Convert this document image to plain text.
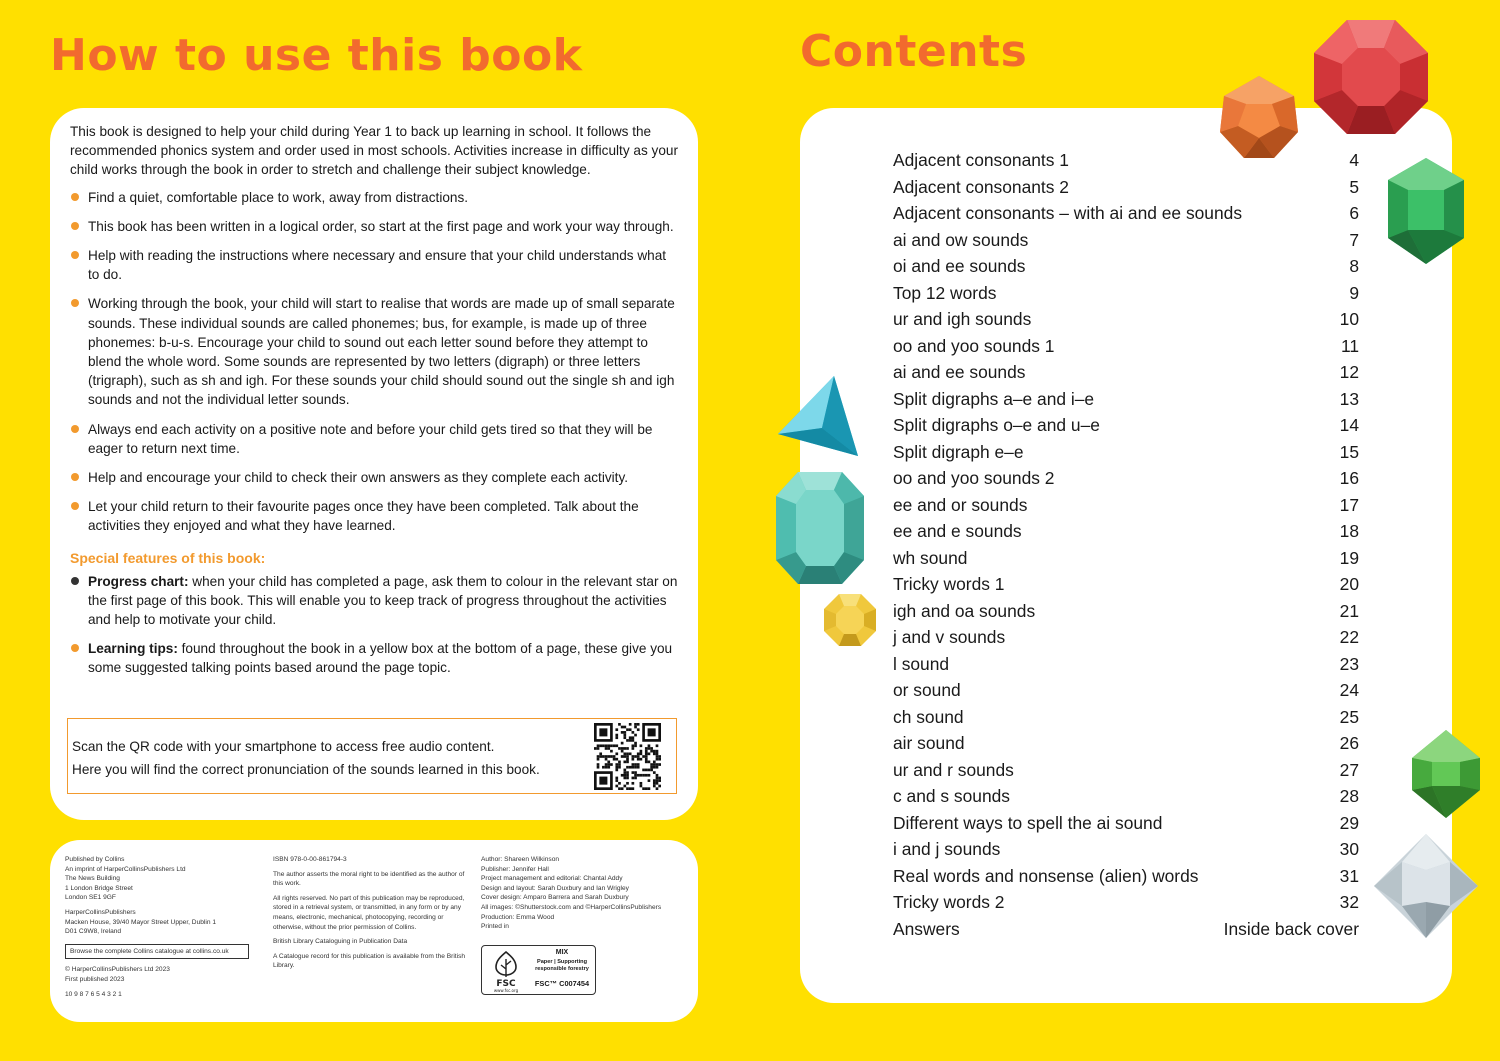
How to use this book	Contents

This book is designed to help your child during Year 1 to back up learning in school. It follows the recommended phonics system and order used in most schools. Activities increase in difficulty as your child works through the book in order to stretch and challenge their subject knowledge.

Find a quiet, comfortable place to work, away from distractions.
This book has been written in a logical order, so start at the first page and work your way through.
Help with reading the instructions where necessary and ensure that your child understands what to do.
Working through the book, your child will start to realise that words are made up of small separate sounds. These individual sounds are called phonemes; bus, for example, is made up of three phonemes: b-u-s. Encourage your child to sound out each letter sound before they attempt to blend the whole word. Some sounds are represented by two letters (digraph) or three letters (trigraph), such as sh and igh. For these sounds your child should sound out the single sh and igh sounds and not the individual letter sounds.
Always end each activity on a positive note and before your child gets tired so that they will be eager to return next time.
Help and encourage your child to check their own answers as they complete each activity.
Let your child return to their favourite pages once they have been completed. Talk about the activities they enjoyed and what they have learned.
Special features of this book:
Progress chart: when your child has completed a page, ask them to colour in the relevant star on the first page of this book. This will enable you to keep track of progress throughout the activities and help to motivate your child.
Learning tips: found throughout the book in a yellow box at the bottom of a page, these give you some suggested talking points based around the page topic.
Scan the QR code with your smartphone to access free audio content.
Here you will find the correct pronunciation of the sounds learned in this book.

Published by Collins
An imprint of HarperCollinsPublishers Ltd
The News Building
1 London Bridge Street
London SE1 9GF

HarperCollinsPublishers
Macken House, 39/40 Mayor Street Upper, Dublin 1
D01 C9W8, Ireland

Browse the complete Collins catalogue at collins.co.uk

© HarperCollinsPublishers Ltd 2023
First published 2023

10 9 8 7 6 5 4 3 2 1

ISBN 978-0-00-861794-3

The author asserts the moral right to be identified as the author of this work.

All rights reserved. No part of this publication may be reproduced, stored in a retrieval system, or transmitted, in any form or by any means, electronic, mechanical, photocopying, recording or otherwise, without the prior permission of Collins.

British Library Cataloguing in Publication Data

A Catalogue record for this publication is available from the British Library.

Author: Shareen Wilkinson
Publisher: Jennifer Hall
Project management and editorial: Chantal Addy
Design and layout: Sarah Duxbury and Ian Wrigley
Cover design: Amparo Barrera and Sarah Duxbury
All images: ©Shutterstock.com and ©HarperCollinsPublishers
Production: Emma Wood
Printed in

FSC
www.fsc.org
MIX
Paper | Supporting responsible forestry
FSC™ C007454
Adjacent consonants 1	4
Adjacent consonants 2	5
Adjacent consonants – with ai and ee sounds	6
ai and ow sounds	7
oi and ee sounds	8
Top 12 words	9
ur and igh sounds	10
oo and yoo sounds 1	11
ai and ee sounds	12
Split digraphs a–e and i–e	13
Split digraphs o–e and u–e	14
Split digraph e–e	15
oo and yoo sounds 2	16
ee and or sounds	17
ee and e sounds	18
wh sound	19
Tricky words 1	20
igh and oa sounds	21
j and v sounds	22
l sound	23
or sound	24
ch sound	25
air sound	26
ur and r sounds	27
c and s sounds	28
Different ways to spell the ai sound	29
i and j sounds	30
Real words and nonsense (alien) words	31
Tricky words 2	32
Answers	Inside back cover
